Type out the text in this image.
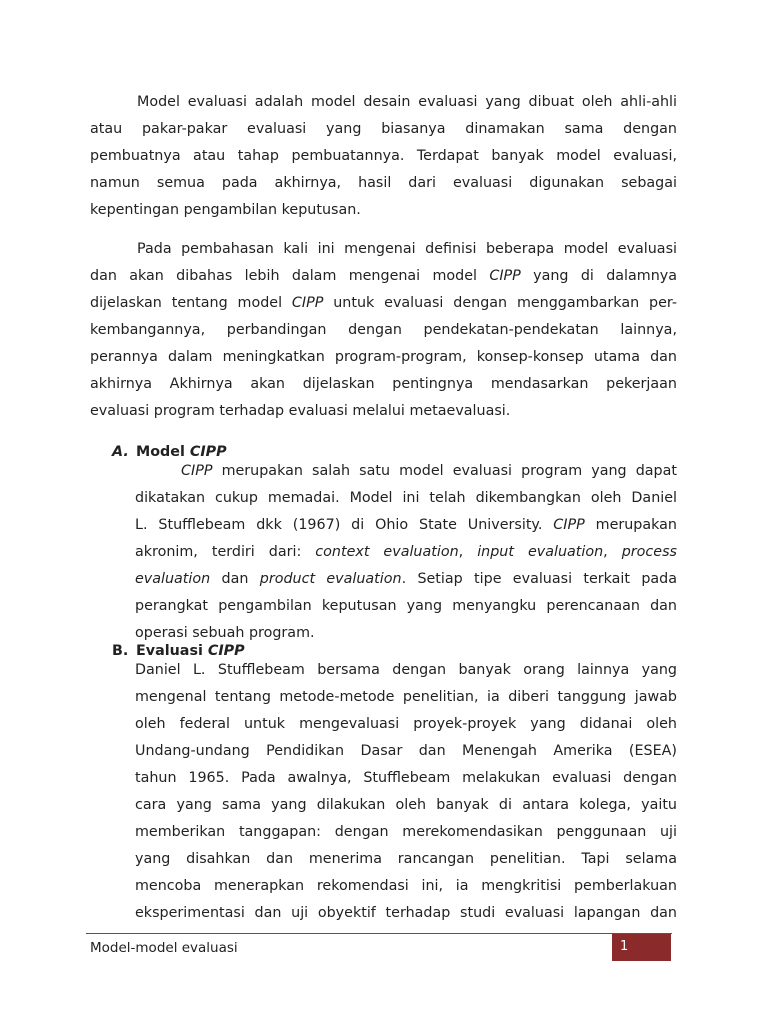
Model evaluasi adalah model desain evaluasi yang dibuat oleh ahli-ahli
atau pakar-pakar evaluasi yang biasanya dinamakan sama dengan
pembuatnya atau tahap pembuatannya. Terdapat banyak model evaluasi,
namun semua pada akhirnya, hasil dari evaluasi digunakan sebagai
kepentingan pengambilan keputusan.
Pada pembahasan kali ini mengenai definisi beberapa model evaluasi
dan akan dibahas lebih dalam mengenai model CIPP yang di dalamnya
dijelaskan tentang model CIPP untuk evaluasi dengan menggambarkan per-
kembangannya, perbandingan dengan pendekatan-pendekatan lainnya,
perannya dalam meningkatkan program-program, konsep-konsep utama dan
akhirnya Akhirnya akan dijelaskan pentingnya mendasarkan pekerjaan
evaluasi program terhadap evaluasi melalui metaevaluasi.
A. Model CIPP
CIPP merupakan salah satu model evaluasi program yang dapat
dikatakan cukup memadai. Model ini telah dikembangkan oleh Daniel
L. Stufflebeam dkk (1967) di Ohio State University. CIPP merupakan
akronim, terdiri dari: context evaluation, input evaluation, process
evaluation dan product evaluation. Setiap tipe evaluasi terkait pada
perangkat pengambilan keputusan yang menyangku perencanaan dan
operasi sebuah program.
B. Evaluasi CIPP
Daniel L. Stufflebeam bersama dengan banyak orang lainnya yang
mengenal tentang metode-metode penelitian, ia diberi tanggung jawab
oleh federal untuk mengevaluasi proyek-proyek yang didanai oleh
Undang-undang Pendidikan Dasar dan Menengah Amerika (ESEA)
tahun 1965. Pada awalnya, Stufflebeam melakukan evaluasi dengan
cara yang sama yang dilakukan oleh banyak di antara kolega, yaitu
memberikan tanggapan: dengan merekomendasikan penggunaan uji
yang disahkan dan menerima rancangan penelitian. Tapi selama
mencoba menerapkan rekomendasi ini, ia mengkritisi pemberlakuan
eksperimentasi dan uji obyektif terhadap studi evaluasi lapangan dan
Model-model evaluasi	1
